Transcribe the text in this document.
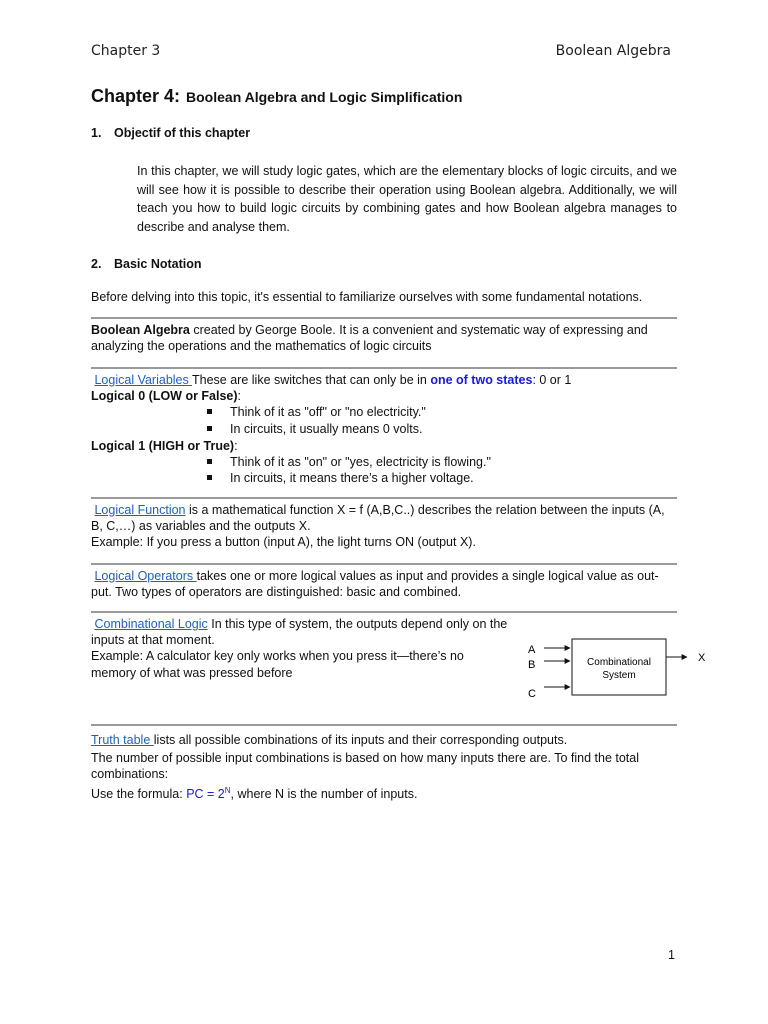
Chapter 3	Boolean Algebra
Chapter 4: Boolean Algebra and Logic Simplification
1. Objectif of this chapter
In this chapter, we will study logic gates, which are the elementary blocks of logic circuits, and we will see how it is possible to describe their operation using Boolean algebra. Additionally, we will teach you how to build logic circuits by combining gates and how Boolean algebra manages to describe and analyse them.
2. Basic Notation
Before delving into this topic, it's essential to familiarize ourselves with some fundamental notations.
Boolean Algebra created by George Boole. It is a convenient and systematic way of expressing and analyzing the operations and the mathematics of logic circuits
Logical Variables These are like switches that can only be in one of two states: 0 or 1
Logical 0 (LOW or False):
Think of it as "off" or "no electricity."
In circuits, it usually means 0 volts.
Logical 1 (HIGH or True):
Think of it as "on" or "yes, electricity is flowing."
In circuits, it means there’s a higher voltage.
Logical Function is a mathematical function X = f (A,B,C..) describes the relation between the inputs (A, B, C,…) as variables and the outputs X.
Example: If you press a button (input A), the light turns ON (output X).
Logical Operators takes one or more logical values as input and provides a single logical value as out-put. Two types of operators are distinguished: basic and combined.
Combinational Logic In this type of system, the outputs depend only on the inputs at that moment.
Example: A calculator key only works when you press it—there’s no memory of what was pressed before
A
B
C
Combinational
System
X
Truth table lists all possible combinations of its inputs and their corresponding outputs.
The number of possible input combinations is based on how many inputs there are. To find the total combinations:
Use the formula: PC = $2^N$, where N is the number of inputs.
1
